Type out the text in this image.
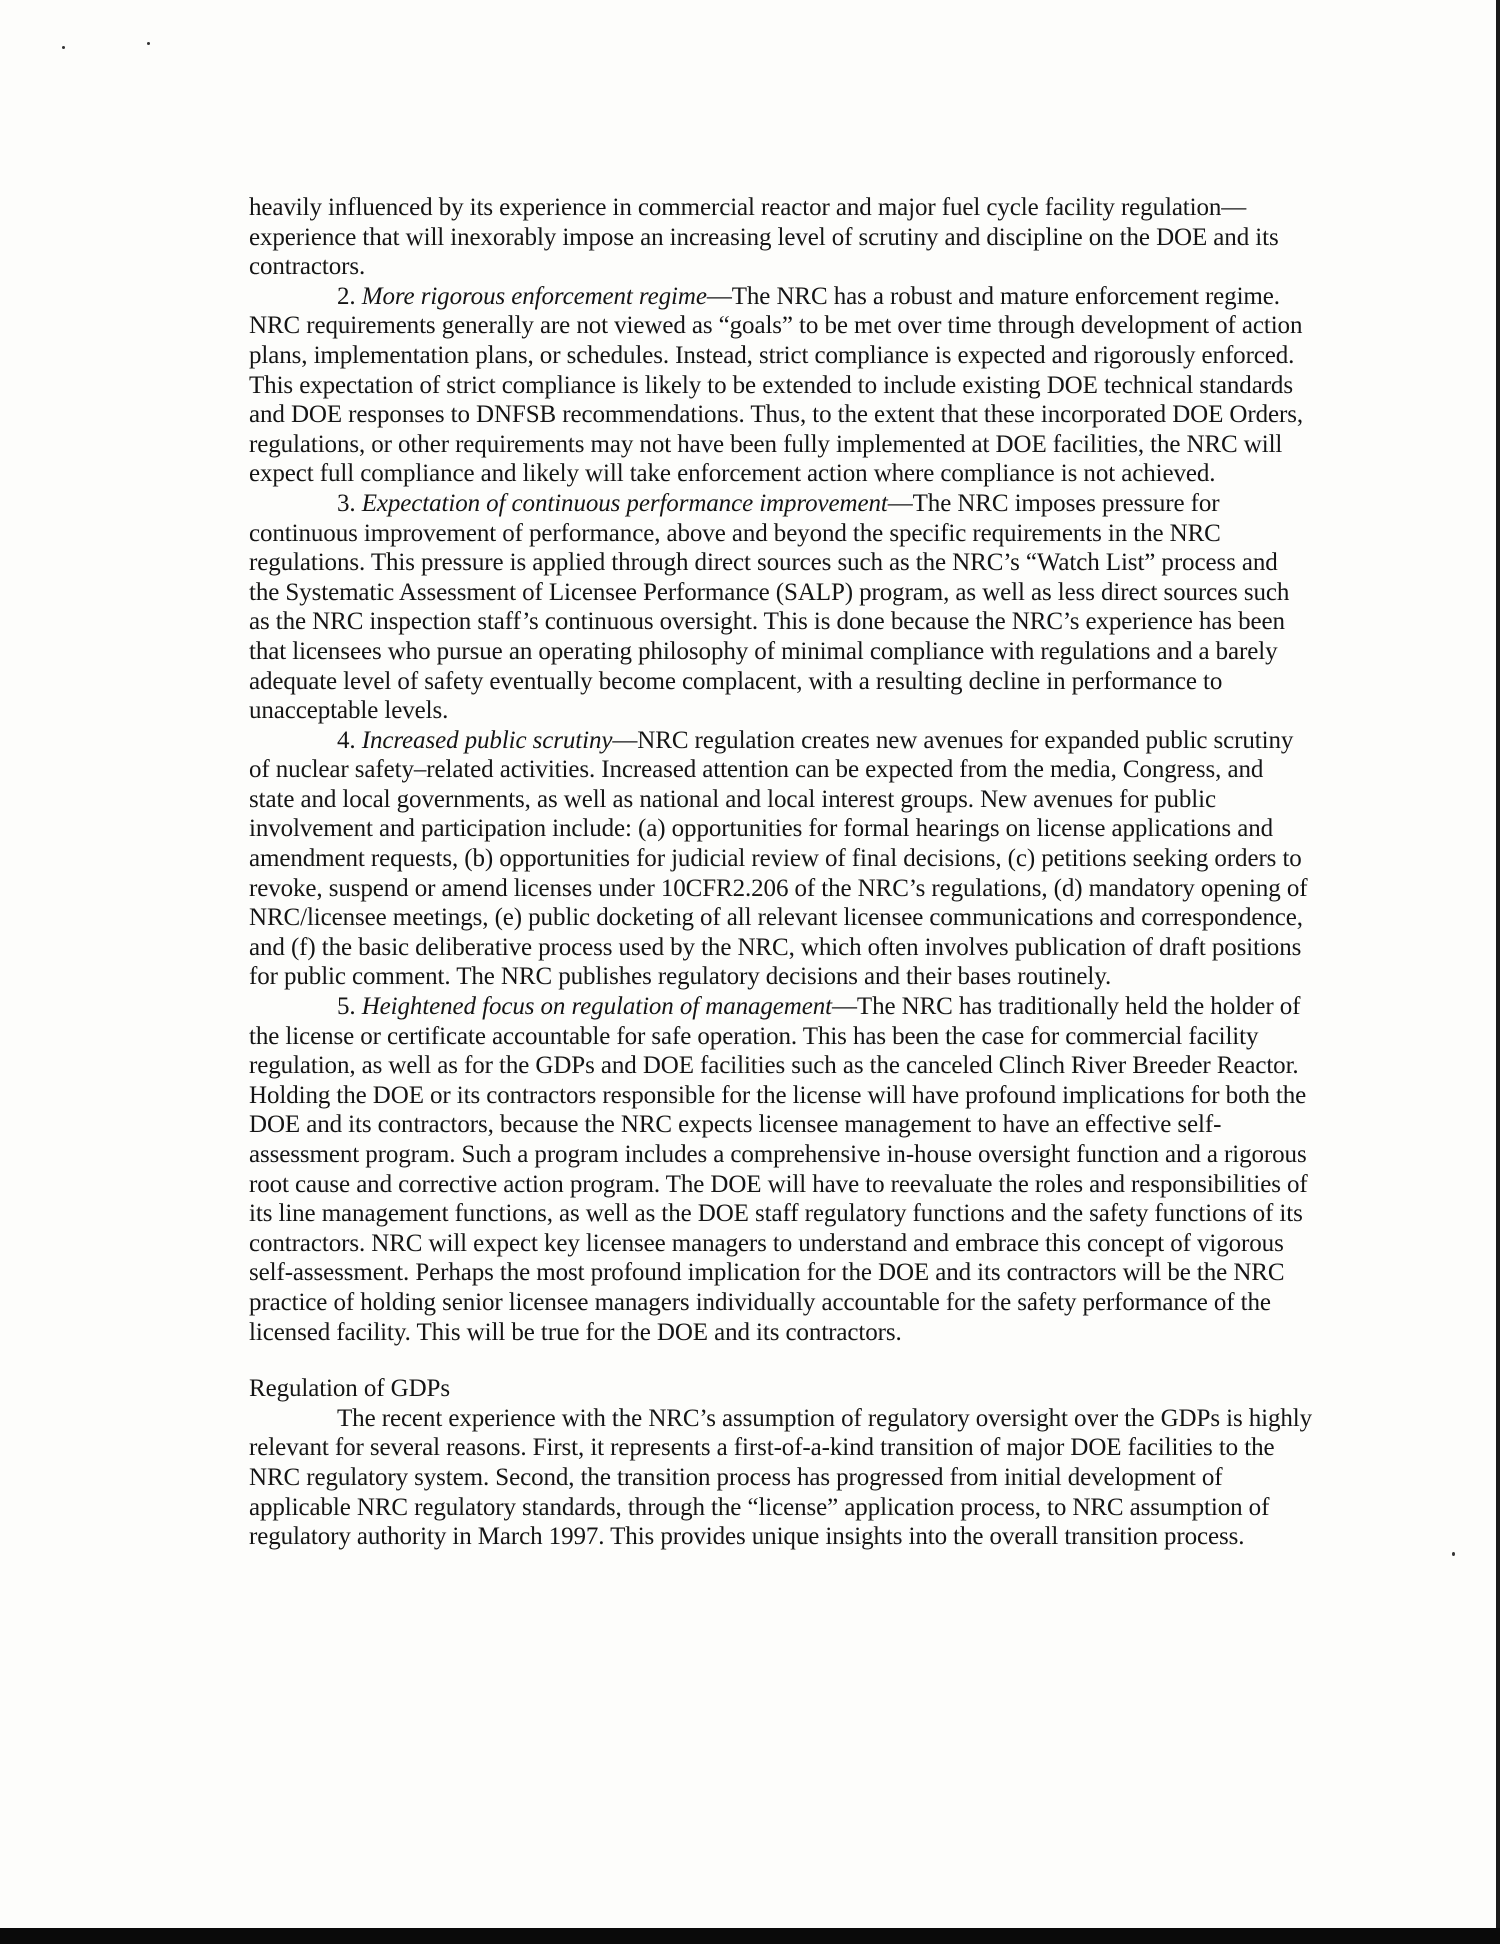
heavily influenced by its experience in commercial reactor and major fuel cycle facility regulation—experience that will inexorably impose an increasing level of scrutiny and discipline on the DOE and its contractors.

2. More rigorous enforcement regime—The NRC has a robust and mature enforcement regime. NRC requirements generally are not viewed as “goals” to be met over time through development of action plans, implementation plans, or schedules. Instead, strict compliance is expected and rigorously enforced. This expectation of strict compliance is likely to be extended to include existing DOE technical standards and DOE responses to DNFSB recommendations. Thus, to the extent that these incorporated DOE Orders, regulations, or other requirements may not have been fully implemented at DOE facilities, the NRC will expect full compliance and likely will take enforcement action where compliance is not achieved.

3. Expectation of continuous performance improvement—The NRC imposes pressure for continuous improvement of performance, above and beyond the specific requirements in the NRC regulations. This pressure is applied through direct sources such as the NRC’s “Watch List” process and the Systematic Assessment of Licensee Performance (SALP) program, as well as less direct sources such as the NRC inspection staff’s continuous oversight. This is done because the NRC’s experience has been that licensees who pursue an operating philosophy of minimal compliance with regulations and a barely adequate level of safety eventually become complacent, with a resulting decline in performance to unacceptable levels.

4. Increased public scrutiny—NRC regulation creates new avenues for expanded public scrutiny of nuclear safety–related activities. Increased attention can be expected from the media, Congress, and state and local governments, as well as national and local interest groups. New avenues for public involvement and participation include: (a) opportunities for formal hearings on license applications and amendment requests, (b) opportunities for judicial review of final decisions, (c) petitions seeking orders to revoke, suspend or amend licenses under 10CFR2.206 of the NRC’s regulations, (d) mandatory opening of NRC/licensee meetings, (e) public docketing of all relevant licensee communications and correspondence, and (f) the basic deliberative process used by the NRC, which often involves publication of draft positions for public comment. The NRC publishes regulatory decisions and their bases routinely.

5. Heightened focus on regulation of management—The NRC has traditionally held the holder of the license or certificate accountable for safe operation. This has been the case for commercial facility regulation, as well as for the GDPs and DOE facilities such as the canceled Clinch River Breeder Reactor. Holding the DOE or its contractors responsible for the license will have profound implications for both the DOE and its contractors, because the NRC expects licensee management to have an effective self-assessment program. Such a program includes a comprehensive in-house oversight function and a rigorous root cause and corrective action program. The DOE will have to reevaluate the roles and responsibilities of its line management functions, as well as the DOE staff regulatory functions and the safety functions of its contractors. NRC will expect key licensee managers to understand and embrace this concept of vigorous self-assessment. Perhaps the most profound implication for the DOE and its contractors will be the NRC practice of holding senior licensee managers individually accountable for the safety performance of the licensed facility. This will be true for the DOE and its contractors.

Regulation of GDPs

The recent experience with the NRC’s assumption of regulatory oversight over the GDPs is highly relevant for several reasons. First, it represents a first-of-a-kind transition of major DOE facilities to the NRC regulatory system. Second, the transition process has progressed from initial development of applicable NRC regulatory standards, through the “license” application process, to NRC assumption of regulatory authority in March 1997. This provides unique insights into the overall transition process.
